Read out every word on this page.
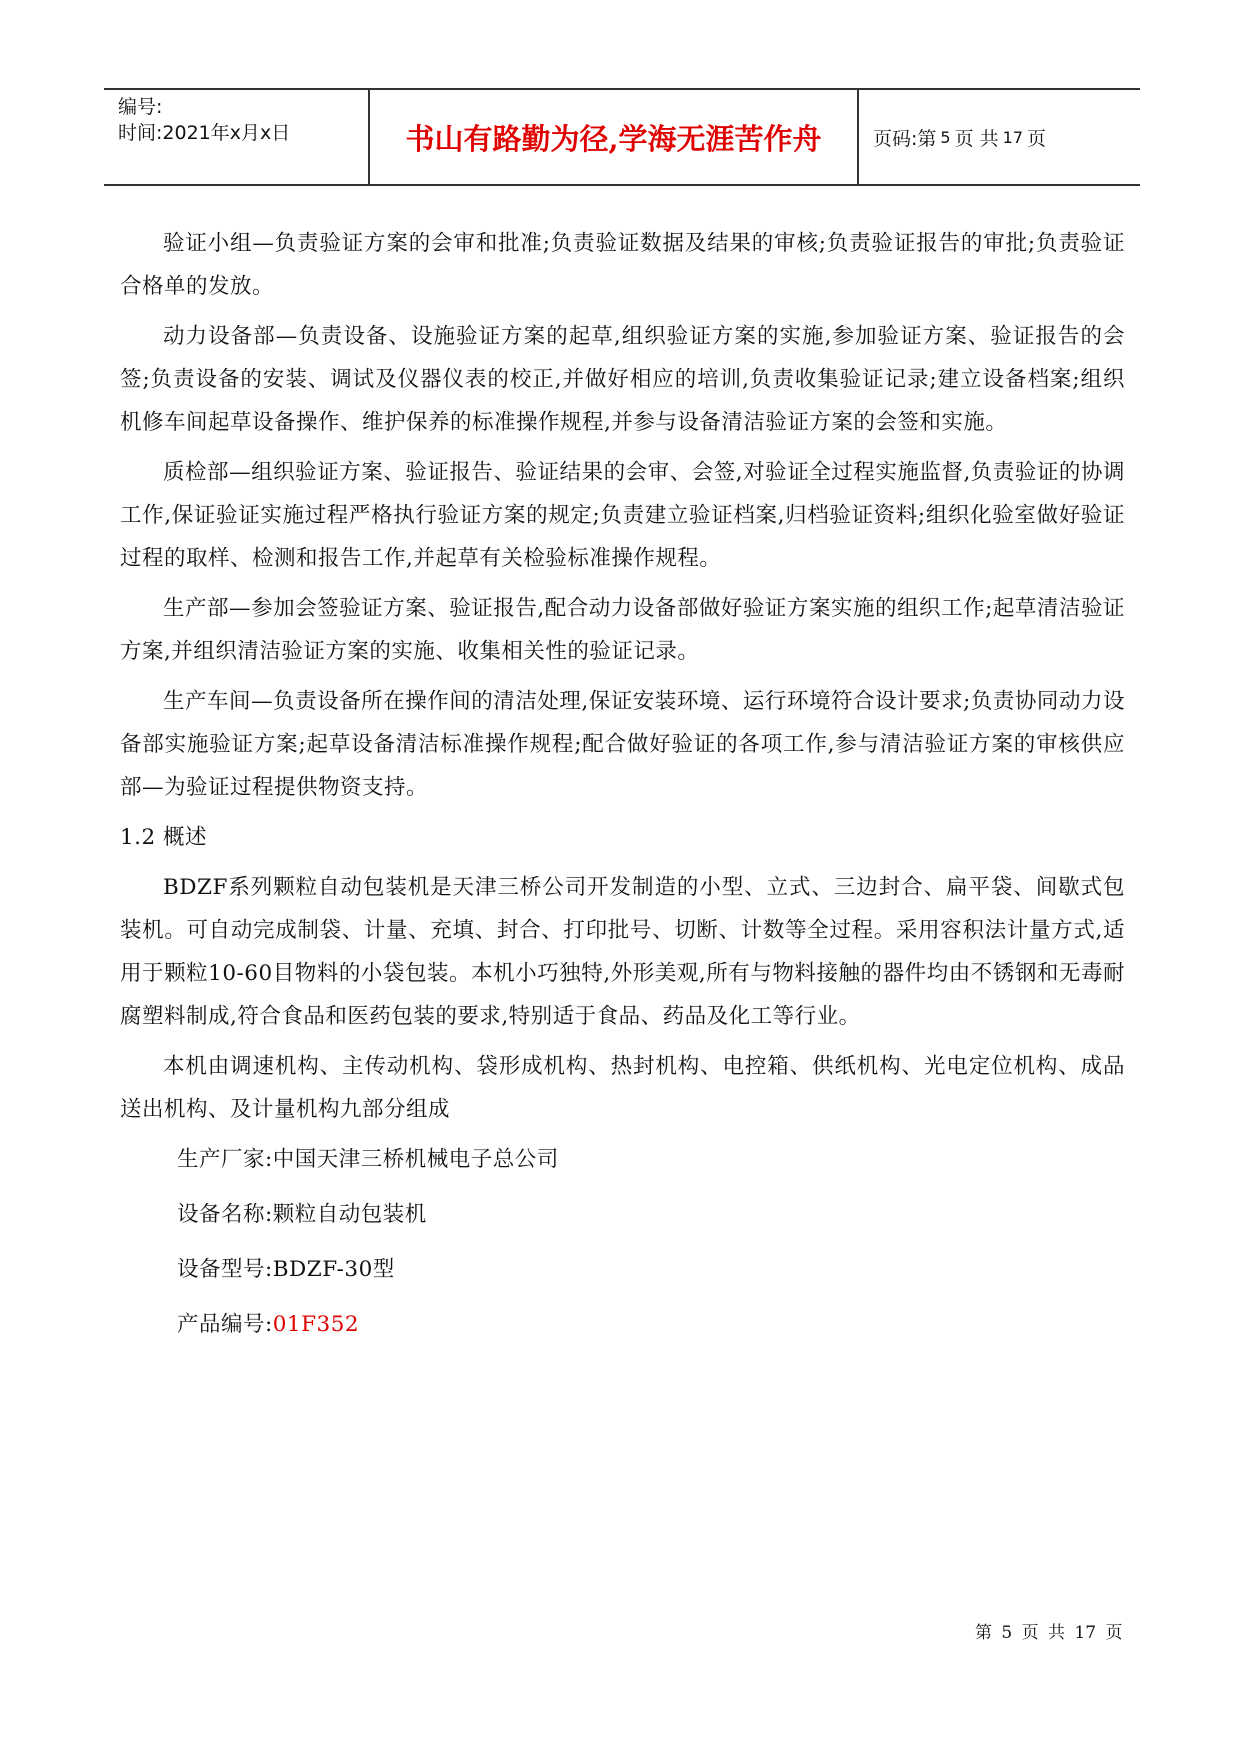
编号:
时间:2021年x月x日	书山有路勤为径,学海无涯苦作舟	页码:第 5 页 共 17 页

验证小组—负责验证方案的会审和批准;负责验证数据及结果的审核;负责验证报告的审批;负责验证合格单的发放。

动力设备部—负责设备、设施验证方案的起草,组织验证方案的实施,参加验证方案、验证报告的会签;负责设备的安装、调试及仪器仪表的校正,并做好相应的培训,负责收集验证记录;建立设备档案;组织机修车间起草设备操作、维护保养的标准操作规程,并参与设备清洁验证方案的会签和实施。

质检部—组织验证方案、验证报告、验证结果的会审、会签,对验证全过程实施监督,负责验证的协调工作,保证验证实施过程严格执行验证方案的规定;负责建立验证档案,归档验证资料;组织化验室做好验证过程的取样、检测和报告工作,并起草有关检验标准操作规程。

生产部—参加会签验证方案、验证报告,配合动力设备部做好验证方案实施的组织工作;起草清洁验证方案,并组织清洁验证方案的实施、收集相关性的验证记录。

生产车间—负责设备所在操作间的清洁处理,保证安装环境、运行环境符合设计要求;负责协同动力设备部实施验证方案;起草设备清洁标准操作规程;配合做好验证的各项工作,参与清洁验证方案的审核供应部—为验证过程提供物资支持。

1.2 概述

BDZF系列颗粒自动包装机是天津三桥公司开发制造的小型、立式、三边封合、扁平袋、间歇式包装机。可自动完成制袋、计量、充填、封合、打印批号、切断、计数等全过程。采用容积法计量方式,适用于颗粒10-60目物料的小袋包装。本机小巧独特,外形美观,所有与物料接触的器件均由不锈钢和无毒耐腐塑料制成,符合食品和医药包装的要求,特别适于食品、药品及化工等行业。

本机由调速机构、主传动机构、袋形成机构、热封机构、电控箱、供纸机构、光电定位机构、成品送出机构、及计量机构九部分组成

生产厂家:中国天津三桥机械电子总公司

设备名称:颗粒自动包装机

设备型号:BDZF-30型

产品编号:01F352

第 5 页 共 17 页
